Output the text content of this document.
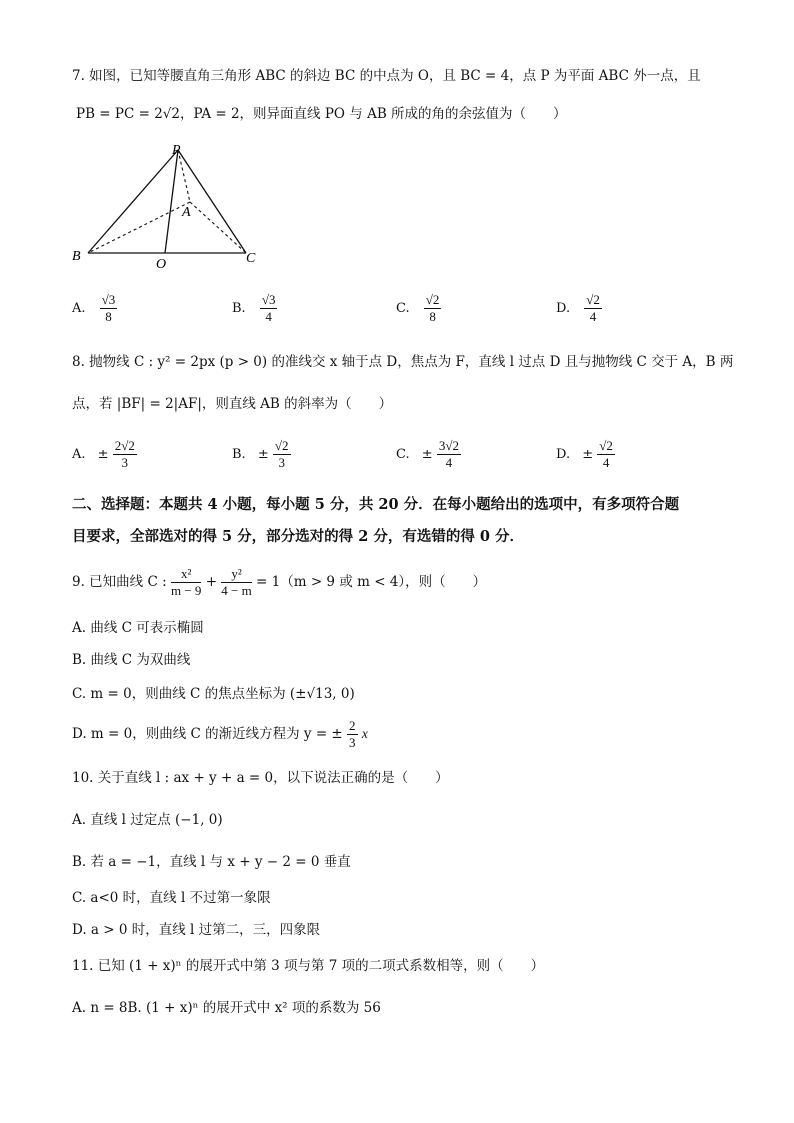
7. 如图，已知等腰直角三角形 ABC 的斜边 BC 的中点为 O，且 BC = 4，点 P 为平面 ABC 外一点，且
PB = PC = 2√2，PA = 2，则异面直线 PO 与 AB 所成的角的余弦值为（　　）
P
A
B
O	C
A. $\frac{√3}{8}$	B. $\frac{√3}{4}$	C. $\frac{√2}{8}$	D. $\frac{√2}{4}$
8. 抛物线 C : y² = 2px (p > 0) 的准线交 x 轴于点 D，焦点为 F，直线 l 过点 D 且与抛物线 C 交于 A，B 两
点，若 |BF| = 2|AF|，则直线 AB 的斜率为（　　）
A. ± $\frac{2√2}{3}$	B. ± $\frac{√2}{3}$	C. ± $\frac{3√2}{4}$	D. ± $\frac{√2}{4}$
二、选择题：本题共 4 小题，每小题 5 分，共 20 分．在每小题给出的选项中，有多项符合题
目要求，全部选对的得 5 分，部分选对的得 2 分，有选错的得 0 分．
9. 已知曲线 C : $\frac{\text{x²}}{m - 9} + \frac{\text{y²}}{4 - m} = 1(m > 9$ 或 m < 4），则（　　）
A. 曲线 C 可表示椭圆
B. 曲线 C 为双曲线
C. m = 0，则曲线 C 的焦点坐标为 (±√13, 0)
D. m = 0，则曲线 C 的渐近线方程为 y = ± $\frac{2}{3}$ x
10. 关于直线 l : ax + y + a = 0，以下说法正确的是（　　）
A. 直线 l 过定点 (−1, 0)
B. 若 a = −1，直线 l 与 x + y − 2 = 0 垂直
C. a<0 时，直线 l 不过第一象限
D. a > 0 时，直线 l 过第二，三，四象限
11. 已知 (1 + x)ⁿ 的展开式中第 3 项与第 7 项的二项式系数相等，则（　　）
A. n = 8B. (1 + x)ⁿ 的展开式中 x² 项的系数为 56
